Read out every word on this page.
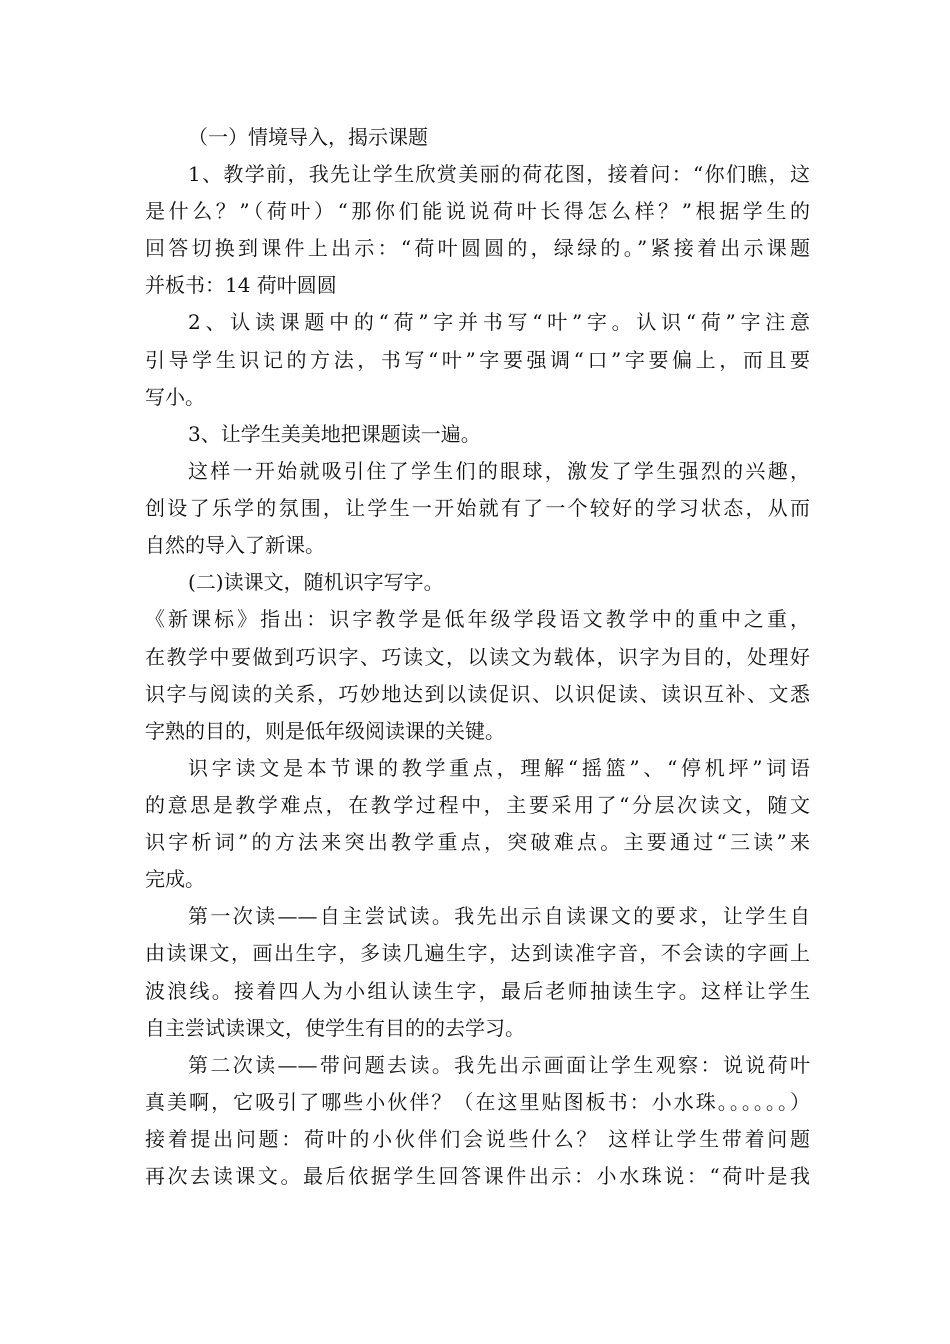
（一）情境导入，揭示课题
1、教学前，我先让学生欣赏美丽的荷花图，接着问：“你们瞧，这
是什么？”（荷叶）“那你们能说说荷叶长得怎么样？”根据学生的
回答切换到课件上出示：“荷叶圆圆的，绿绿的。”紧接着出示课题
并板书：14 荷叶圆圆
2、认读课题中的“荷”字并书写“叶”字。认识“荷”字注意
引导学生识记的方法，书写“叶”字要强调“口”字要偏上，而且要
写小。
3、让学生美美地把课题读一遍。
这样一开始就吸引住了学生们的眼球，激发了学生强烈的兴趣，
创设了乐学的氛围，让学生一开始就有了一个较好的学习状态，从而
自然的导入了新课。
(二)读课文，随机识字写字。
《新课标》指出：识字教学是低年级学段语文教学中的重中之重，
在教学中要做到巧识字、巧读文，以读文为载体，识字为目的，处理好
识字与阅读的关系，巧妙地达到以读促识、以识促读、读识互补、文悉
字熟的目的，则是低年级阅读课的关键。
识字读文是本节课的教学重点，理解“摇篮”、“停机坪”词语
的意思是教学难点，在教学过程中，主要采用了“分层次读文，随文
识字析词”的方法来突出教学重点，突破难点。主要通过“三读”来
完成。
第一次读——自主尝试读。我先出示自读课文的要求，让学生自
由读课文，画出生字，多读几遍生字，达到读准字音，不会读的字画上
波浪线。接着四人为小组认读生字，最后老师抽读生字。这样让学生
自主尝试读课文，使学生有目的的去学习。
第二次读——带问题去读。我先出示画面让学生观察：说说荷叶
真美啊，它吸引了哪些小伙伴？（在这里贴图板书：小水珠。。。。。。）
接着提出问题：荷叶的小伙伴们会说些什么？ 这样让学生带着问题
再次去读课文。最后依据学生回答课件出示：小水珠说：“荷叶是我
